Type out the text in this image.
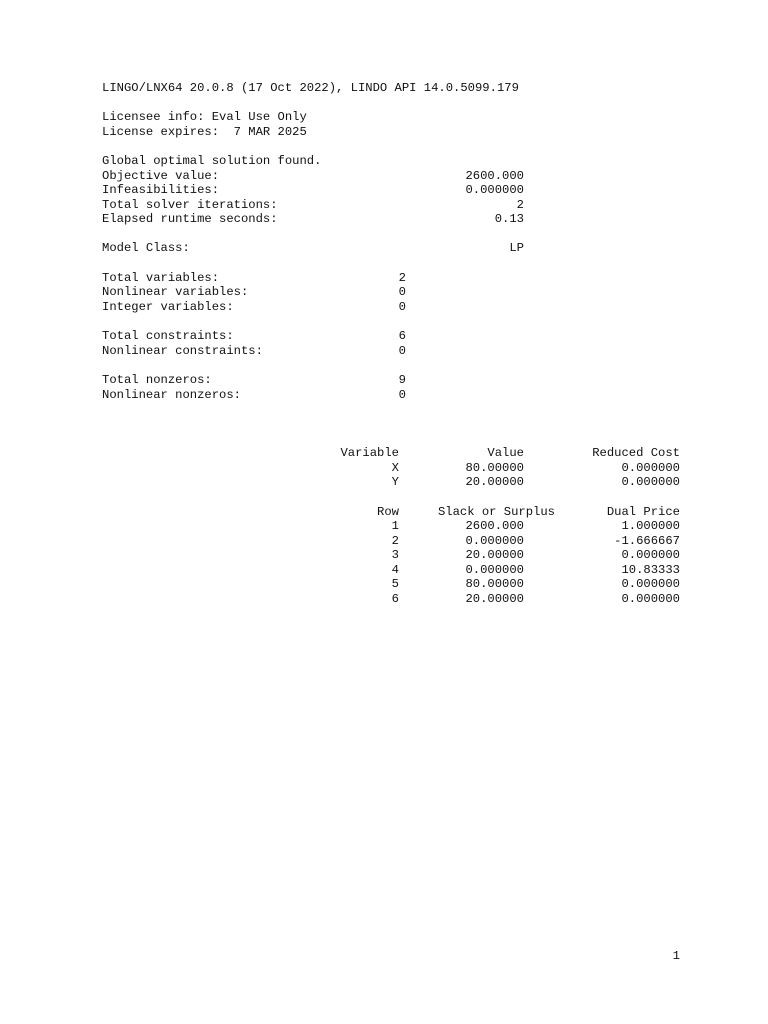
LINGO/LNX64 20.0.8 (17 Oct 2022), LINDO API 14.0.5099.179
Licensee info: Eval Use Only
License expires:  7 MAR 2025
Global optimal solution found.
Objective value:	2600.000
Infeasibilities:	0.000000
Total solver iterations:	2
Elapsed runtime seconds:	0.13
Model Class:	LP
Total variables:	2
Nonlinear variables:	0
Integer variables:	0
Total constraints:	6
Nonlinear constraints:	0
Total nonzeros:	9
Nonlinear nonzeros:	0
Variable	Value	Reduced Cost
X	80.00000	0.000000
Y	20.00000	0.000000
Row	Slack or Surplus	Dual Price
1	2600.000	1.000000
2	0.000000	-1.666667
3	20.00000	0.000000
4	0.000000	10.83333
5	80.00000	0.000000
6	20.00000	0.000000
1
